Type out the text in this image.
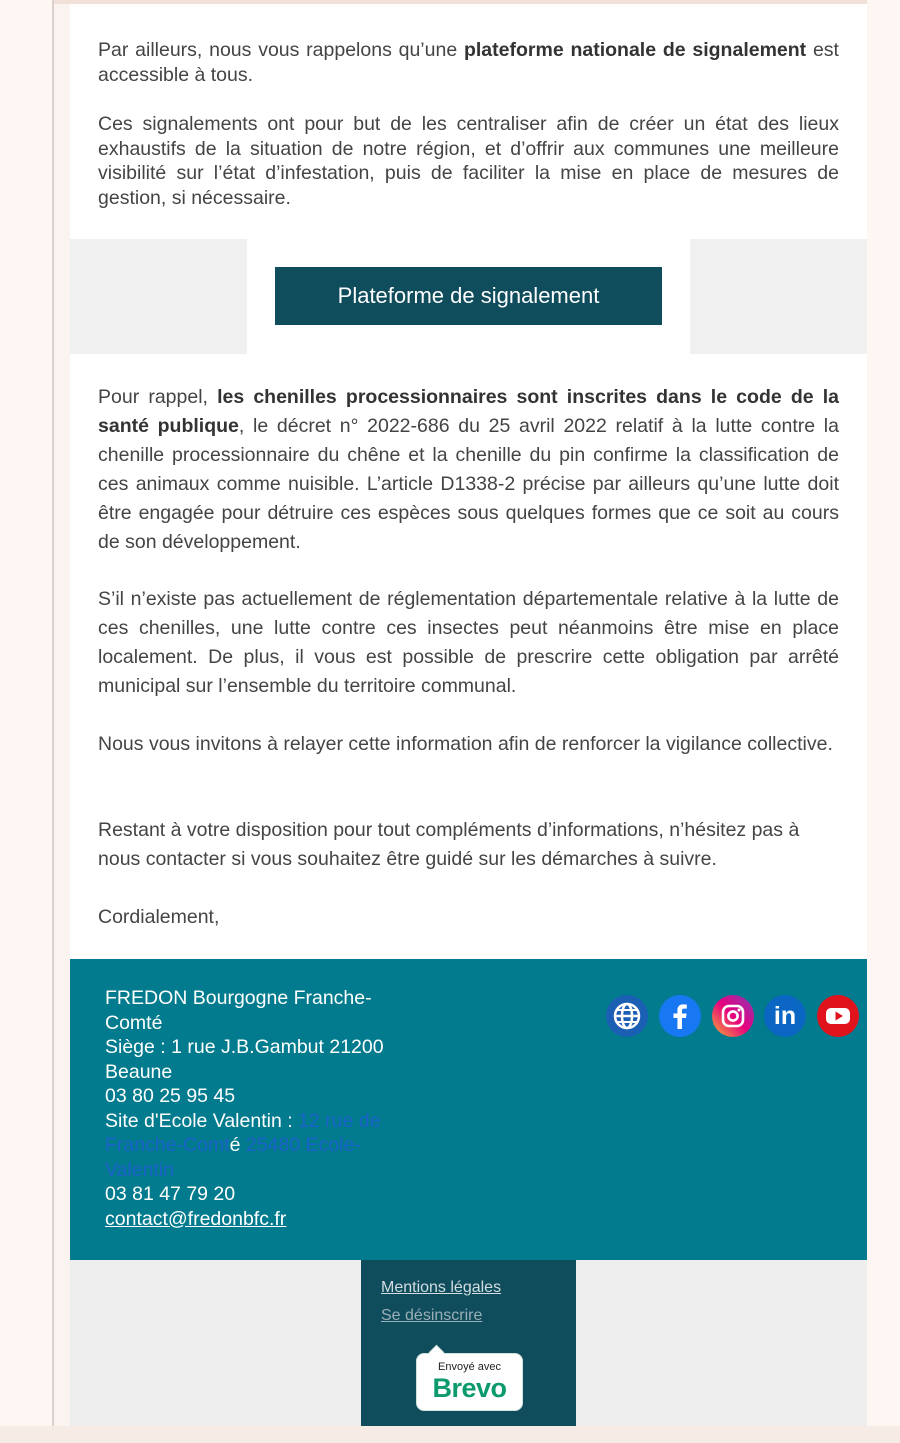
Par ailleurs, nous vous rappelons qu’une plateforme nationale de signalement est accessible à tous.

Ces signalements ont pour but de les centraliser afin de créer un état des lieux exhaustifs de la situation de notre région, et d’offrir aux communes une meilleure visibilité sur l’état d’infestation, puis de faciliter la mise en place de mesures de gestion, si nécessaire.

Plateforme de signalement

Pour rappel, les chenilles processionnaires sont inscrites dans le code de la santé publique, le décret n° 2022-686 du 25 avril 2022 relatif à la lutte contre la chenille processionnaire du chêne et la chenille du pin confirme la classification de ces animaux comme nuisible. L’article D1338-2 précise par ailleurs qu’une lutte doit être engagée pour détruire ces espèces sous quelques formes que ce soit au cours de son développement.

S’il n’existe pas actuellement de réglementation départementale relative à la lutte de ces chenilles, une lutte contre ces insectes peut néanmoins être mise en place localement. De plus, il vous est possible de prescrire cette obligation par arrêté municipal sur l’ensemble du territoire communal.

Nous vous invitons à relayer cette information afin de renforcer la vigilance collective.

Restant à votre disposition pour tout compléments d’informations, n’hésitez pas à nous contacter si vous souhaitez être guidé sur les démarches à suivre.

Cordialement,

FREDON Bourgogne Franche-Comté
Siège : 1 rue J.B.Gambut 21200 Beaune
03 80 25 95 45
Site d'Ecole Valentin : 12 rue de Franche-Comté 25480 Ecole-Valentin
03 81 47 79 20
contact@fredonbfc.fr
in
Mentions légales
Se désinscrire
Envoyé avec
Brevo
